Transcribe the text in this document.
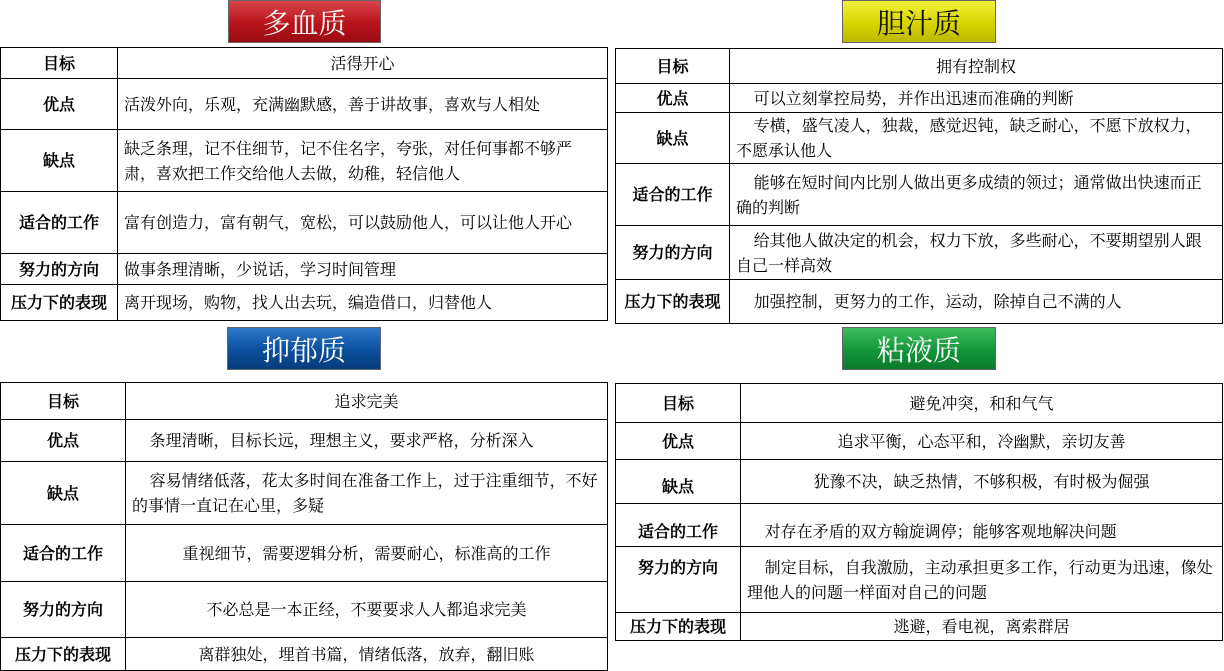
多血质
目标	活得开心
优点	活泼外向，乐观，充满幽默感，善于讲故事，喜欢与人相处
缺点	缺乏条理，记不住细节，记不住名字，夸张，对任何事都不够严肃，喜欢把工作交给他人去做，幼稚，轻信他人
适合的工作	富有创造力，富有朝气，宽松，可以鼓励他人，可以让他人开心
努力的方向	做事条理清晰，少说话，学习时间管理
压力下的表现	离开现场，购物，找人出去玩，编造借口，归替他人
胆汁质
目标	拥有控制权
优点	可以立刻掌控局势，并作出迅速而准确的判断
缺点	专横，盛气凌人，独裁，感觉迟钝，缺乏耐心，不愿下放权力，不愿承认他人
适合的工作	能够在短时间内比别人做出更多成绩的领过；通常做出快速而正确的判断
努力的方向	给其他人做决定的机会，权力下放，多些耐心，不要期望别人跟自己一样高效
压力下的表现	加强控制，更努力的工作，运动，除掉自己不满的人
抑郁质
目标	追求完美
优点	条理清晰，目标长远，理想主义，要求严格，分析深入
缺点	容易情绪低落，花太多时间在准备工作上，过于注重细节，不好的事情一直记在心里，多疑
适合的工作	重视细节，需要逻辑分析，需要耐心，标准高的工作
努力的方向	不必总是一本正经，不要要求人人都追求完美
压力下的表现	离群独处，埋首书篇，情绪低落，放弃，翻旧账
粘液质
目标	避免冲突，和和气气
优点	追求平衡，心态平和，冷幽默，亲切友善
缺点	犹豫不决，缺乏热情，不够积极，有时极为倔强
适合的工作	对存在矛盾的双方翰旋调停；能够客观地解决问题
努力的方向	制定目标，自我激励，主动承担更多工作，行动更为迅速，像处理他人的问题一样面对自己的问题
压力下的表现	逃避，看电视，离索群居
